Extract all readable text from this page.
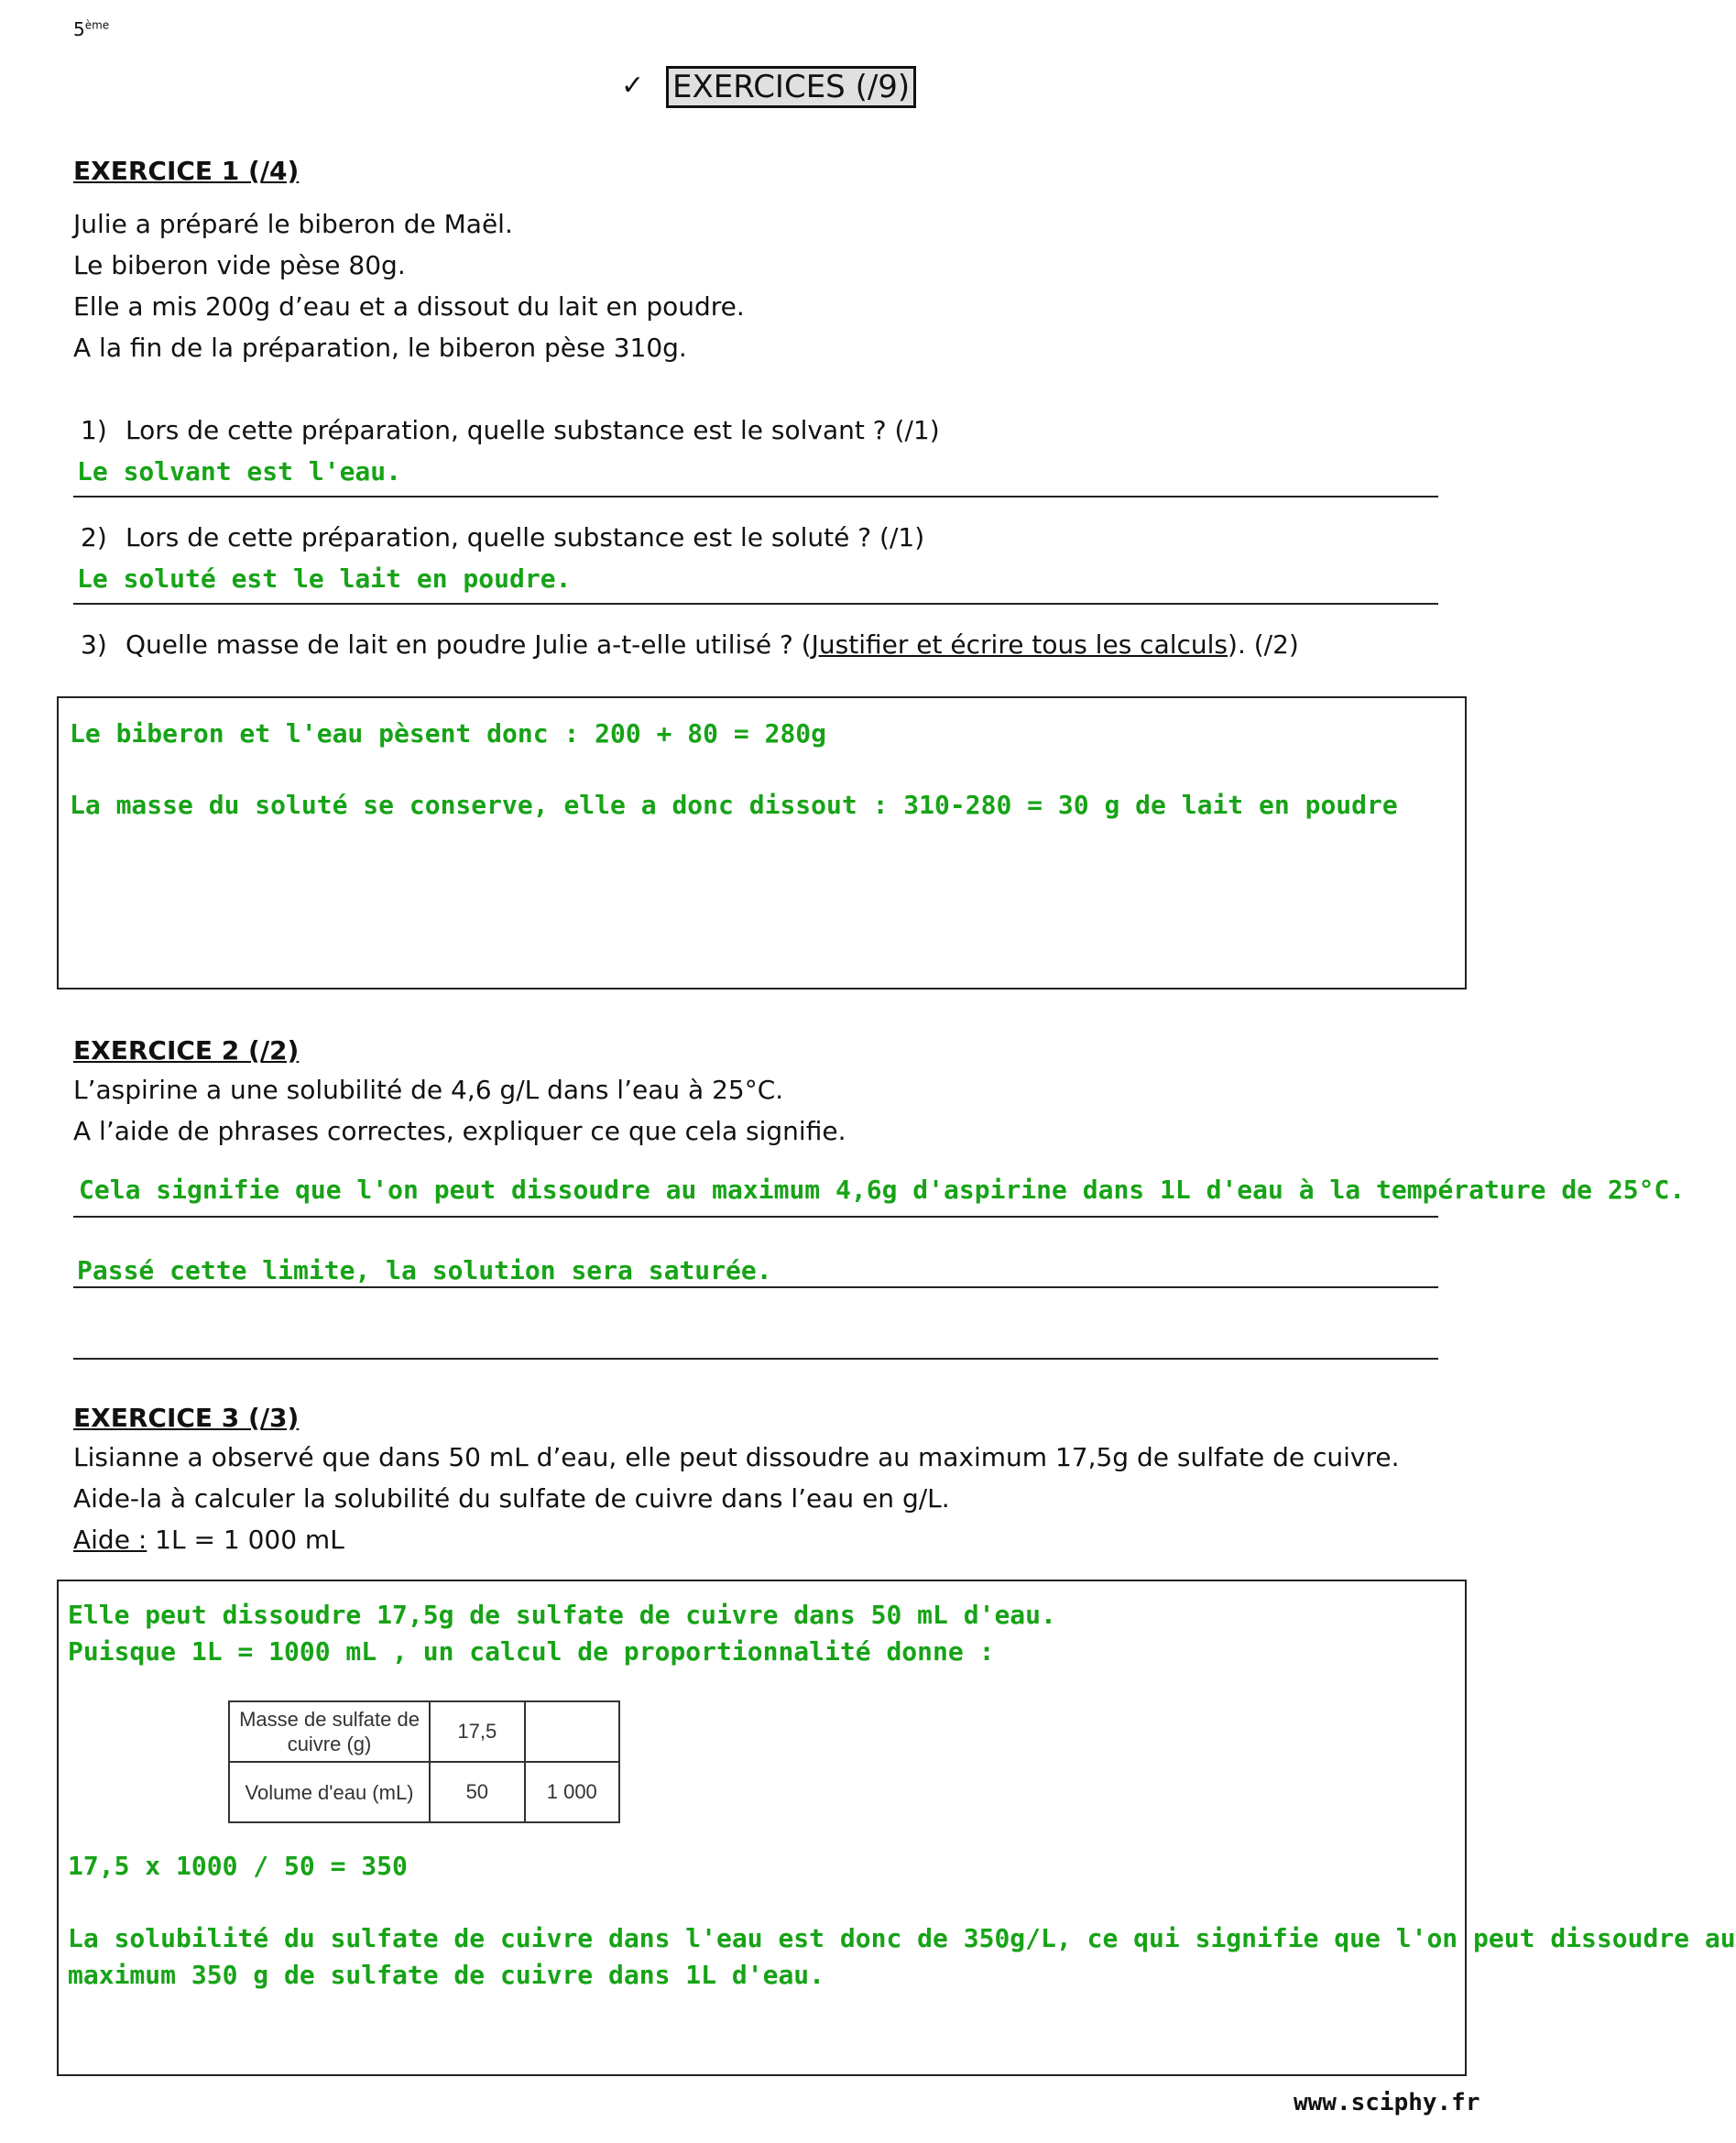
5ème
✓ EXERCICES (/9)
EXERCICE 1 (/4)
Julie a préparé le biberon de Maël.
Le biberon vide pèse 80g.
Elle a mis 200g d’eau et a dissout du lait en poudre.
A la fin de la préparation, le biberon pèse 310g.
1) Lors de cette préparation, quelle substance est le solvant ? (/1)
Le solvant est l'eau.
2) Lors de cette préparation, quelle substance est le soluté ? (/1)
Le soluté est le lait en poudre.
3) Quelle masse de lait en poudre Julie a-t-elle utilisé ? (Justifier et écrire tous les calculs). (/2)
Le biberon et l'eau pèsent donc : 200 + 80 = 280g
La masse du soluté se conserve, elle a donc dissout : 310-280 = 30 g de lait en poudre
EXERCICE 2 (/2)
L’aspirine a une solubilité de 4,6 g/L dans l’eau à 25°C.
A l’aide de phrases correctes, expliquer ce que cela signifie.
Cela signifie que l'on peut dissoudre au maximum 4,6g d'aspirine dans 1L d'eau à la température de 25°C.
Passé cette limite, la solution sera saturée.
EXERCICE 3 (/3)
Lisianne a observé que dans 50 mL d’eau, elle peut dissoudre au maximum 17,5g de sulfate de cuivre.
Aide-la à calculer la solubilité du sulfate de cuivre dans l’eau en g/L.
Aide : 1L = 1 000 mL
Elle peut dissoudre 17,5g de sulfate de cuivre dans 50 mL d'eau.
Puisque 1L = 1000 mL , un calcul de proportionnalité donne :
Masse de sulfate de cuivre (g)	17,5	
Volume d'eau (mL)	50	1 000
17,5 x 1000 / 50 = 350
La solubilité du sulfate de cuivre dans l'eau est donc de 350g/L, ce qui signifie que l'on peut dissoudre au
maximum 350 g de sulfate de cuivre dans 1L d'eau.
www.sciphy.fr
